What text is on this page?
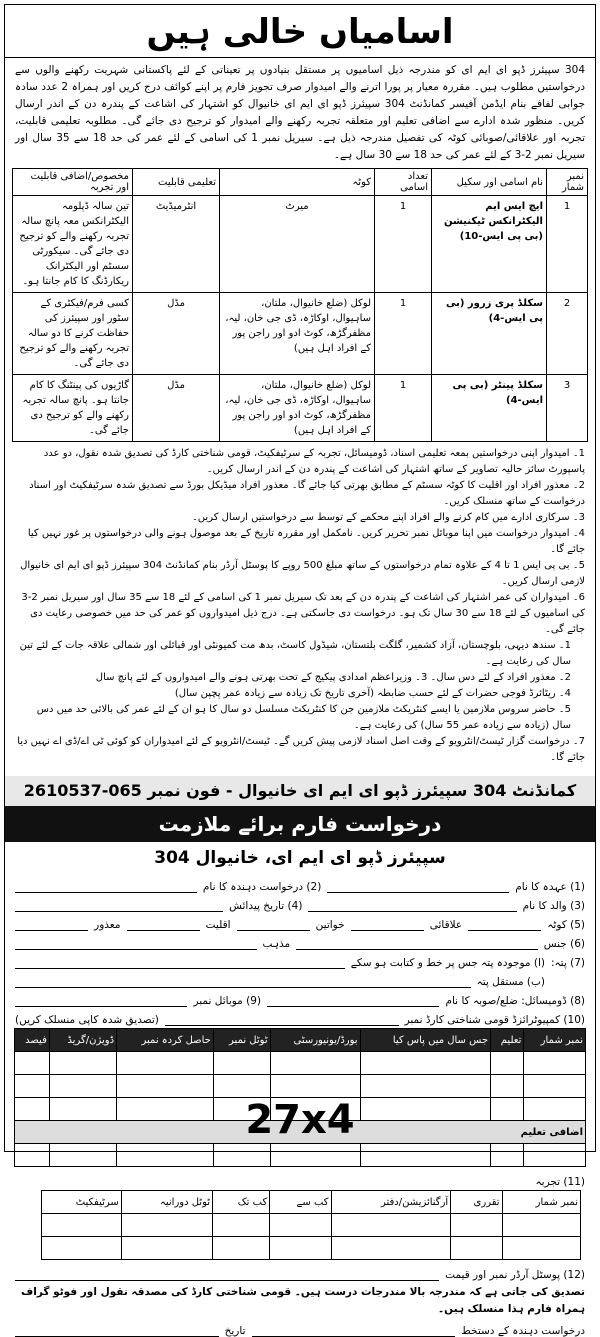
اسامیاں خالی ہیں
304 سپیئرز ڈپو ای ایم ای کو مندرجہ ذیل اسامیوں پر مستقل بنیادوں پر تعیناتی کے لئے پاکستانی شہریت رکھنے والوں سے درخواستیں مطلوب ہیں۔ مقررہ معیار پر پورا اترنے والے امیدوار صرف تجویز فارم پر اپنے کوائف درج کریں اور ہمراہ 2 عدد سادہ جوابی لفافے بنام ایڈمن آفیسر کمانڈنٹ 304 سپیئرز ڈپو ای ایم ای خانیوال کو اشتہار کی اشاعت کے پندرہ دن کے اندر ارسال کریں۔ منظور شدہ ادارے سے اضافی تعلیم اور متعلقہ تجربہ رکھنے والے امیدوار کو ترجیح دی جائے گی۔ مطلوبہ تعلیمی قابلیت، تجربہ اور علاقائی/صوبائی کوٹہ کی تفصیل مندرجہ ذیل ہے۔ سیریل نمبر 1 کی اسامی کے لئے عمر کی حد 18 سے 35 سال اور سیریل نمبر 2-3 کے لئے عمر کی حد 18 سے 30 سال ہے۔
نمبر شمار	نام اسامی اور سکیل	تعداد اسامی	کوٹہ	تعلیمی قابلیت	مخصوص/اضافی قابلیت اور تجربہ
1	ایچ ایس ایم الیکٹرانکس ٹیکنیشن (بی پی ایس-10)	1	میرٹ	انٹرمیڈیٹ	تین سالہ ڈپلومہ الیکٹرانکس معہ پانچ سالہ تجربہ رکھنے والے کو ترجیح دی جائے گی۔ سیکورٹی سسٹم اور الیکٹرانک ریکارڈنگ کا کام جانتا ہو۔
2	سکلڈ پری زرور (بی پی ایس-4)	1	لوکل (ضلع خانیوال، ملتان، ساہیوال، اوکاڑہ، ڈی جی خان، لیہ، مظفرگڑھ، کوٹ ادو اور راجن پور کے افراد اہل ہیں)	مڈل	کسی فرم/فیکٹری کے سٹور اور سپیئرز کی حفاظت کرنے کا دو سالہ تجربہ رکھنے والے کو ترجیح دی جائے گی۔
3	سکلڈ پینٹر (بی پی ایس-4)	1	لوکل (ضلع خانیوال، ملتان، ساہیوال، اوکاڑہ، ڈی جی خان، لیہ، مظفرگڑھ، کوٹ ادو اور راجن پور کے افراد اہل ہیں)	مڈل	گاڑیوں کی پینٹنگ کا کام جانتا ہو۔ پانچ سالہ تجربہ رکھنے والے کو ترجیح دی جائے گی۔
1۔ امیدوار اپنی درخواستیں بمعہ تعلیمی اسناد، ڈومیسائل، تجربہ کے سرٹیفکیٹ، قومی شناختی کارڈ کی تصدیق شدہ نقول، دو عدد پاسپورٹ سائز حالیہ تصاویر کے ساتھ اشتہار کی اشاعت کے پندرہ دن کے اندر ارسال کریں۔
2۔ معذور افراد اور اقلیت کا کوٹہ سسٹم کے مطابق بھرتی کیا جائے گا۔ معذور افراد میڈیکل بورڈ سے تصدیق شدہ سرٹیفکیٹ اور اسناد درخواست کے ساتھ منسلک کریں۔
3۔ سرکاری ادارے میں کام کرنے والے افراد اپنے محکمے کے توسط سے درخواستیں ارسال کریں۔
4۔ امیدوار درخواست میں اپنا موبائل نمبر تحریر کریں۔ نامکمل اور مقررہ تاریخ کے بعد موصول ہونے والی درخواستوں پر غور نہیں کیا جائے گا۔
5۔ بی پی ایس 1 تا 4 کے علاوہ تمام درخواستوں کے ساتھ مبلغ 500 روپے کا پوسٹل آرڈر بنام کمانڈنٹ 304 سپیئرز ڈپو ای ایم ای خانیوال لازمی ارسال کریں۔
6۔ امیدواران کی عمر اشتہار کی اشاعت کے پندرہ دن کے بعد تک سیریل نمبر 1 کی اسامی کے لئے 18 سے 35 سال اور سیریل نمبر 2-3 کی اسامیوں کے لئے 18 سے 30 سال تک ہو۔ درخواست دی جاسکتی ہے۔ درج ذیل امیدواروں کو عمر کی حد میں خصوصی رعایت دی جائے گی۔
1۔ سندھ دیہی، بلوچستان، آزاد کشمیر، گلگت بلتستان، شیڈول کاسٹ، بدھ مت کمیونٹی اور قبائلی اور شمالی علاقہ جات کے لئے تین سال کی رعایت ہے۔
2۔ معذور افراد کے لئے دس سال۔ 3۔ وزیراعظم امدادی پیکیج کے تحت بھرتی ہونے والے امیدواروں کے لئے پانچ سال
4۔ ریٹائرڈ فوجی حضرات کے لئے حسب ضابطہ (آخری تاریخ تک زیادہ سے زیادہ عمر پچپن سال)
5۔ حاضر سروس ملازمین یا ایسے کنٹریکٹ ملازمین جن کا کنٹریکٹ مسلسل دو سال کا ہو ان کے لئے عمر کی بالائی حد میں دس سال (زیادہ سے زیادہ عمر 55 سال) کی رعایت ہے۔
7۔ درخواست گزار ٹیسٹ/انٹرویو کے وقت اصل اسناد لازمی پیش کریں گے۔ ٹیسٹ/انٹرویو کے لئے امیدواران کو کوئی ٹی اے/ڈی اے نہیں دیا جائے گا۔
کمانڈنٹ 304 سپیئرز ڈپو ای ایم ای خانیوال - فون نمبر 065-2610537
درخواست فارم برائے ملازمت
304 سپیئرز ڈپو ای ایم ای، خانیوال
(1) عہدہ کا نام
(2) درخواست دہندہ کا نام
(3) والد کا نام
(4) تاریخ پیدائش
(5) کوٹہ
علاقائی
خواتین
اقلیت
معذور
(6) جنس
مذہب
(7) پتہ:
(ا) موجودہ پتہ جس پر خط و کتابت ہو سکے
(ب) مستقل پتہ
(8) ڈومیسائل: ضلع/صوبہ کا نام
(9) موبائل نمبر
(10) کمپیوٹرائزڈ قومی شناختی کارڈ نمبر
(تصدیق شدہ کاپی منسلک کریں)
نمبر شمار	تعلیم	جس سال میں پاس کیا	بورڈ/یونیورسٹی	ٹوٹل نمبر	حاصل کردہ نمبر	ڈویژن/گریڈ	فیصد

اضافی تعلیم							

(11) تجربہ
نمبر شمار	تقرری	آرگنائزیشن/دفتر	کب سے	کب تک	ٹوٹل دورانیہ	سرٹیفکیٹ

(12) پوسٹل آرڈر نمبر اور قیمت
تصدیق کی جاتی ہے کہ مندرجہ بالا مندرجات درست ہیں۔ قومی شناختی کارڈ کی مصدقہ نقول اور فوٹو گراف ہمراہ فارم ہذا منسلک ہیں۔
درخواست دہندہ کے دستخط
تاریخ
27x4
